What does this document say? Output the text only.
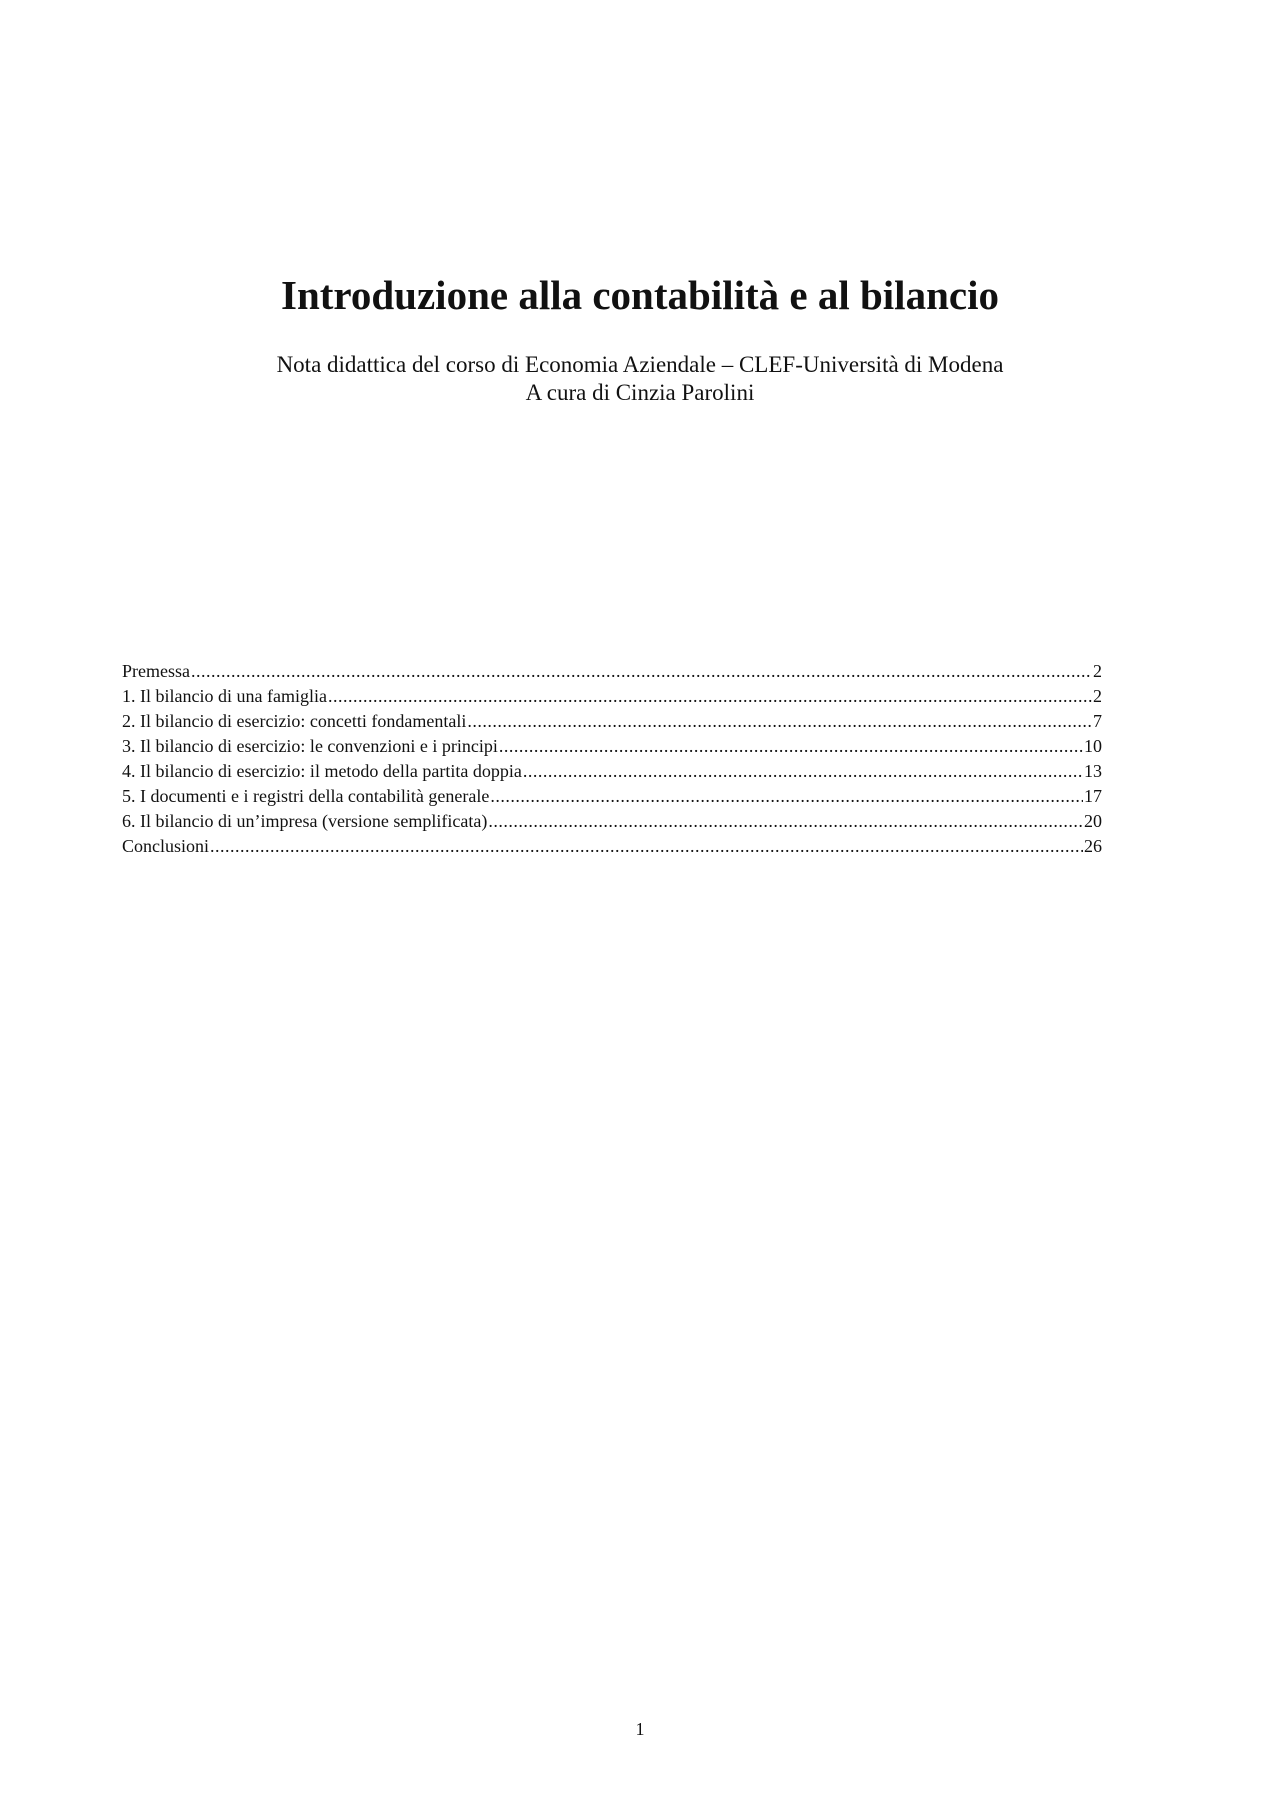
Introduzione alla contabilità e al bilancio
Nota didattica del corso di Economia Aziendale – CLEF-Università di Modena
A cura di Cinzia Parolini
Premessa .....	2
1. Il bilancio di una famiglia .....	2
2. Il bilancio di esercizio: concetti fondamentali .....	7
3. Il bilancio di esercizio: le convenzioni e i principi .....	10
4. Il bilancio di esercizio: il metodo della partita doppia .....	13
5. I documenti e i registri della contabilità generale .....	17
6. Il bilancio di un’impresa (versione semplificata) .....	20
Conclusioni .....	26
1
